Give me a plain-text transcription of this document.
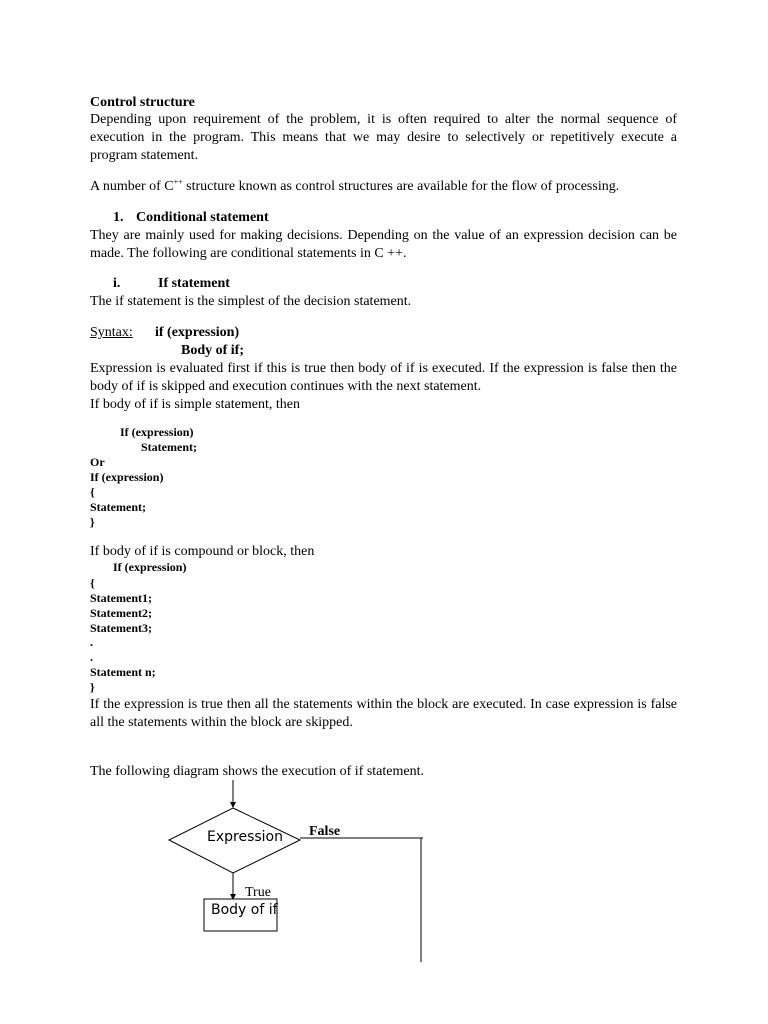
Control structure
Depending upon requirement of the problem, it is often required to alter the normal sequence of execution in the program. This means that we may desire to selectively or repetitively execute a program statement.
A number of C++ structure known as control structures are available for the flow of processing.
1. Conditional statement
They are mainly used for making decisions. Depending on the value of an expression decision can be made. The following are conditional statements in C ++.
i.	If statement
The if statement is the simplest of the decision statement.
Syntax: if (expression)
Body of if;
Expression is evaluated first if this is true then body of if is executed. If the expression is false then the body of if is skipped and execution continues with the next statement.
If body of if is simple statement, then
If (expression)
Statement;
Or
If (expression)
{
Statement;
}
If body of if is compound or block, then
If (expression)
{
Statement1;
Statement2;
Statement3;
.
.
Statement n;
}
If the expression is true then all the statements within the block are executed. In case expression is false all the statements within the block are skipped.
The following diagram shows the execution of if statement.
Expression False
True
Body of if
